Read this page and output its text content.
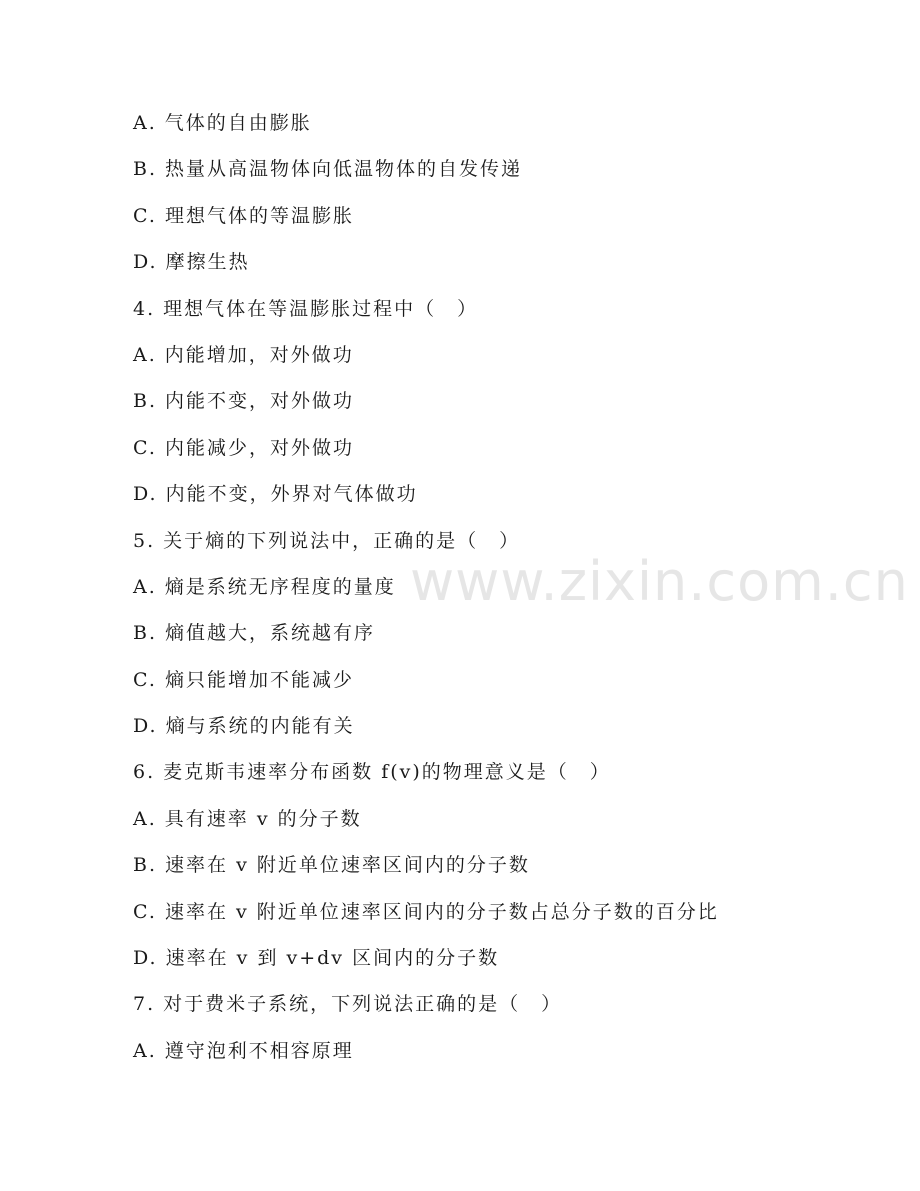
www.zixin.com.cn
A. 气体的自由膨胀
B. 热量从高温物体向低温物体的自发传递
C. 理想气体的等温膨胀
D. 摩擦生热
4. 理想气体在等温膨胀过程中（　）
A. 内能增加，对外做功
B. 内能不变，对外做功
C. 内能减少，对外做功
D. 内能不变，外界对气体做功
5. 关于熵的下列说法中，正确的是（　）
A. 熵是系统无序程度的量度
B. 熵值越大，系统越有序
C. 熵只能增加不能减少
D. 熵与系统的内能有关
6. 麦克斯韦速率分布函数 f(v)的物理意义是（　）
A. 具有速率 v 的分子数
B. 速率在 v 附近单位速率区间内的分子数
C. 速率在 v 附近单位速率区间内的分子数占总分子数的百分比
D. 速率在 v 到 v+dv 区间内的分子数
7. 对于费米子系统，下列说法正确的是（　）
A. 遵守泡利不相容原理
